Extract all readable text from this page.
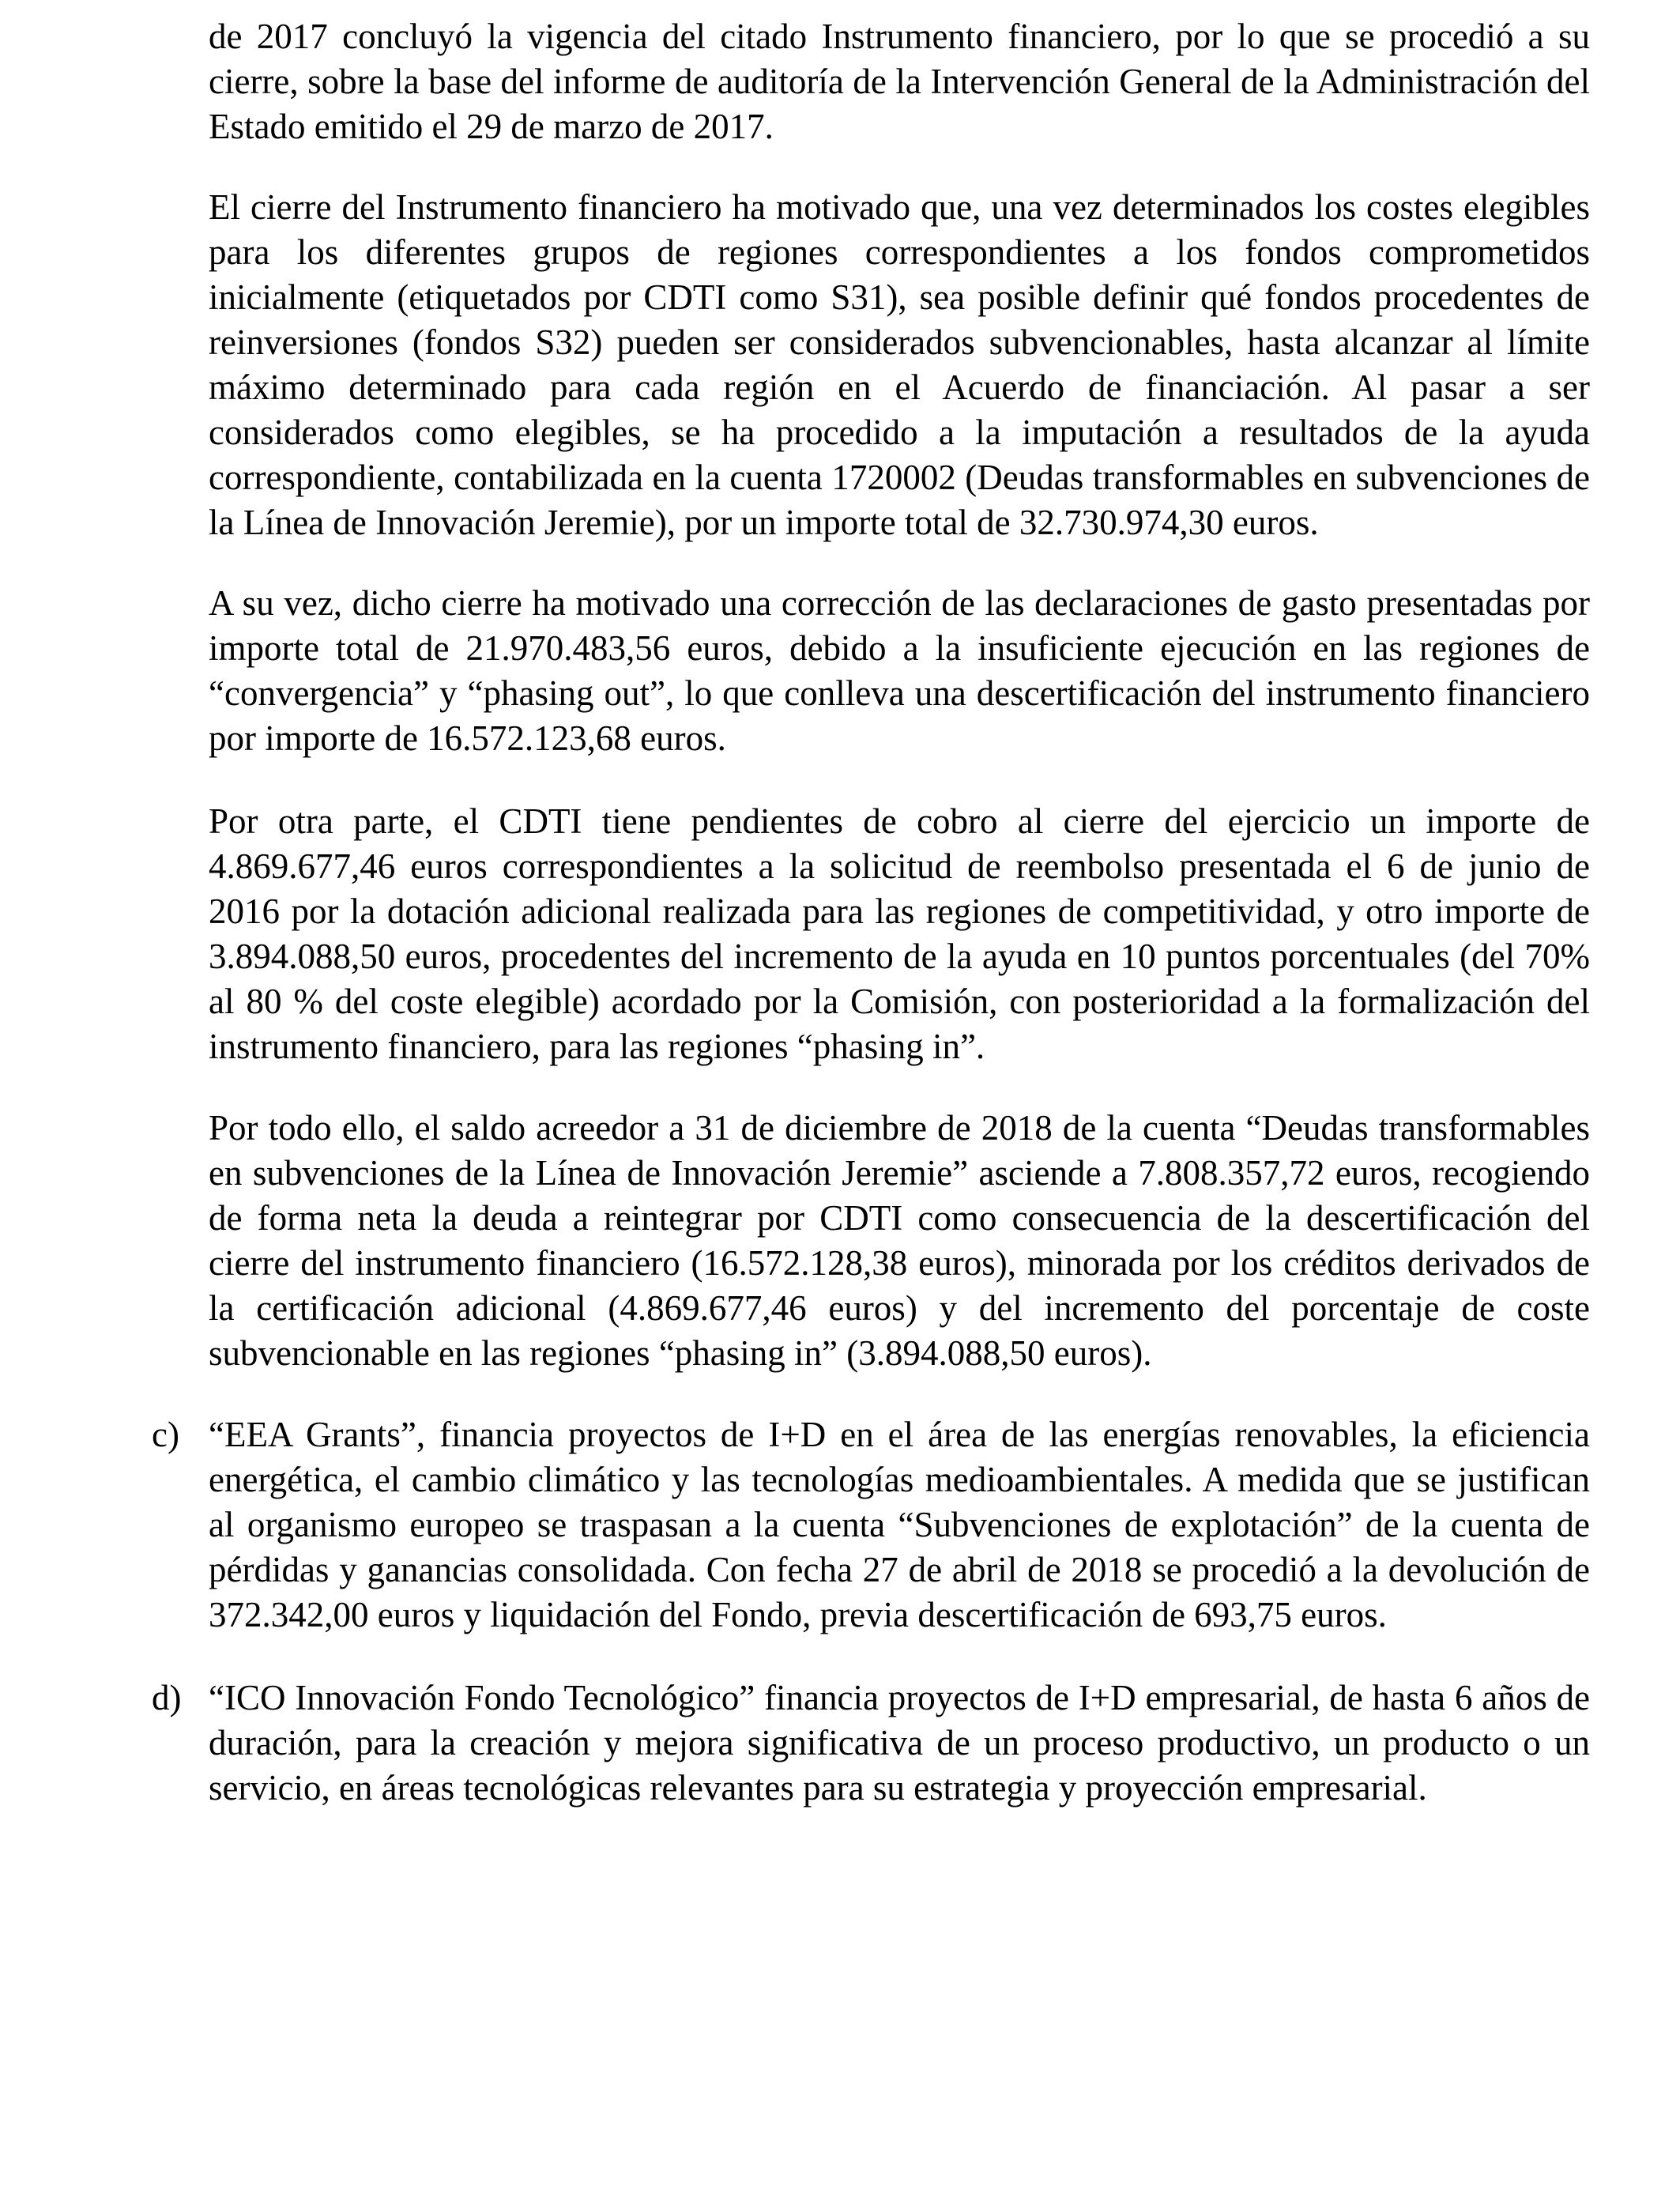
de 2017 concluyó la vigencia del citado Instrumento financiero, por lo que se procedió a su cierre, sobre la base del informe de auditoría de la Intervención General de la Administración del Estado emitido el 29 de marzo de 2017.

El cierre del Instrumento financiero ha motivado que, una vez determinados los costes elegibles para los diferentes grupos de regiones correspondientes a los fondos comprometidos inicialmente (etiquetados por CDTI como S31), sea posible definir qué fondos procedentes de reinversiones (fondos S32) pueden ser considerados subvencionables, hasta alcanzar al límite máximo determinado para cada región en el Acuerdo de financiación. Al pasar a ser considerados como elegibles, se ha procedido a la imputación a resultados de la ayuda correspondiente, contabilizada en la cuenta 1720002 (Deudas transformables en subvenciones de la Línea de Innovación Jeremie), por un importe total de 32.730.974,30 euros.

A su vez, dicho cierre ha motivado una corrección de las declaraciones de gasto presentadas por importe total de 21.970.483,56 euros, debido a la insuficiente ejecución en las regiones de “convergencia” y “phasing out”, lo que conlleva una descertificación del instrumento financiero por importe de 16.572.123,68 euros.

Por otra parte, el CDTI tiene pendientes de cobro al cierre del ejercicio un importe de 4.869.677,46 euros correspondientes a la solicitud de reembolso presentada el 6 de junio de 2016 por la dotación adicional realizada para las regiones de competitividad, y otro importe de 3.894.088,50 euros, procedentes del incremento de la ayuda en 10 puntos porcentuales (del 70% al 80 % del coste elegible) acordado por la Comisión, con posterioridad a la formalización del instrumento financiero, para las regiones “phasing in”.

Por todo ello, el saldo acreedor a 31 de diciembre de 2018 de la cuenta “Deudas transformables en subvenciones de la Línea de Innovación Jeremie” asciende a 7.808.357,72 euros, recogiendo de forma neta la deuda a reintegrar por CDTI como consecuencia de la descertificación del cierre del instrumento financiero (16.572.128,38 euros), minorada por los créditos derivados de la certificación adicional (4.869.677,46 euros) y del incremento del porcentaje de coste subvencionable en las regiones “phasing in” (3.894.088,50 euros).

c) “EEA Grants”, financia proyectos de I+D en el área de las energías renovables, la eficiencia energética, el cambio climático y las tecnologías medioambientales. A medida que se justifican al organismo europeo se traspasan a la cuenta “Subvenciones de explotación” de la cuenta de pérdidas y ganancias consolidada. Con fecha 27 de abril de 2018 se procedió a la devolución de 372.342,00 euros y liquidación del Fondo, previa descertificación de 693,75 euros.

d) “ICO Innovación Fondo Tecnológico” financia proyectos de I+D empresarial, de hasta 6 años de duración, para la creación y mejora significativa de un proceso productivo, un producto o un servicio, en áreas tecnológicas relevantes para su estrategia y proyección empresarial.
